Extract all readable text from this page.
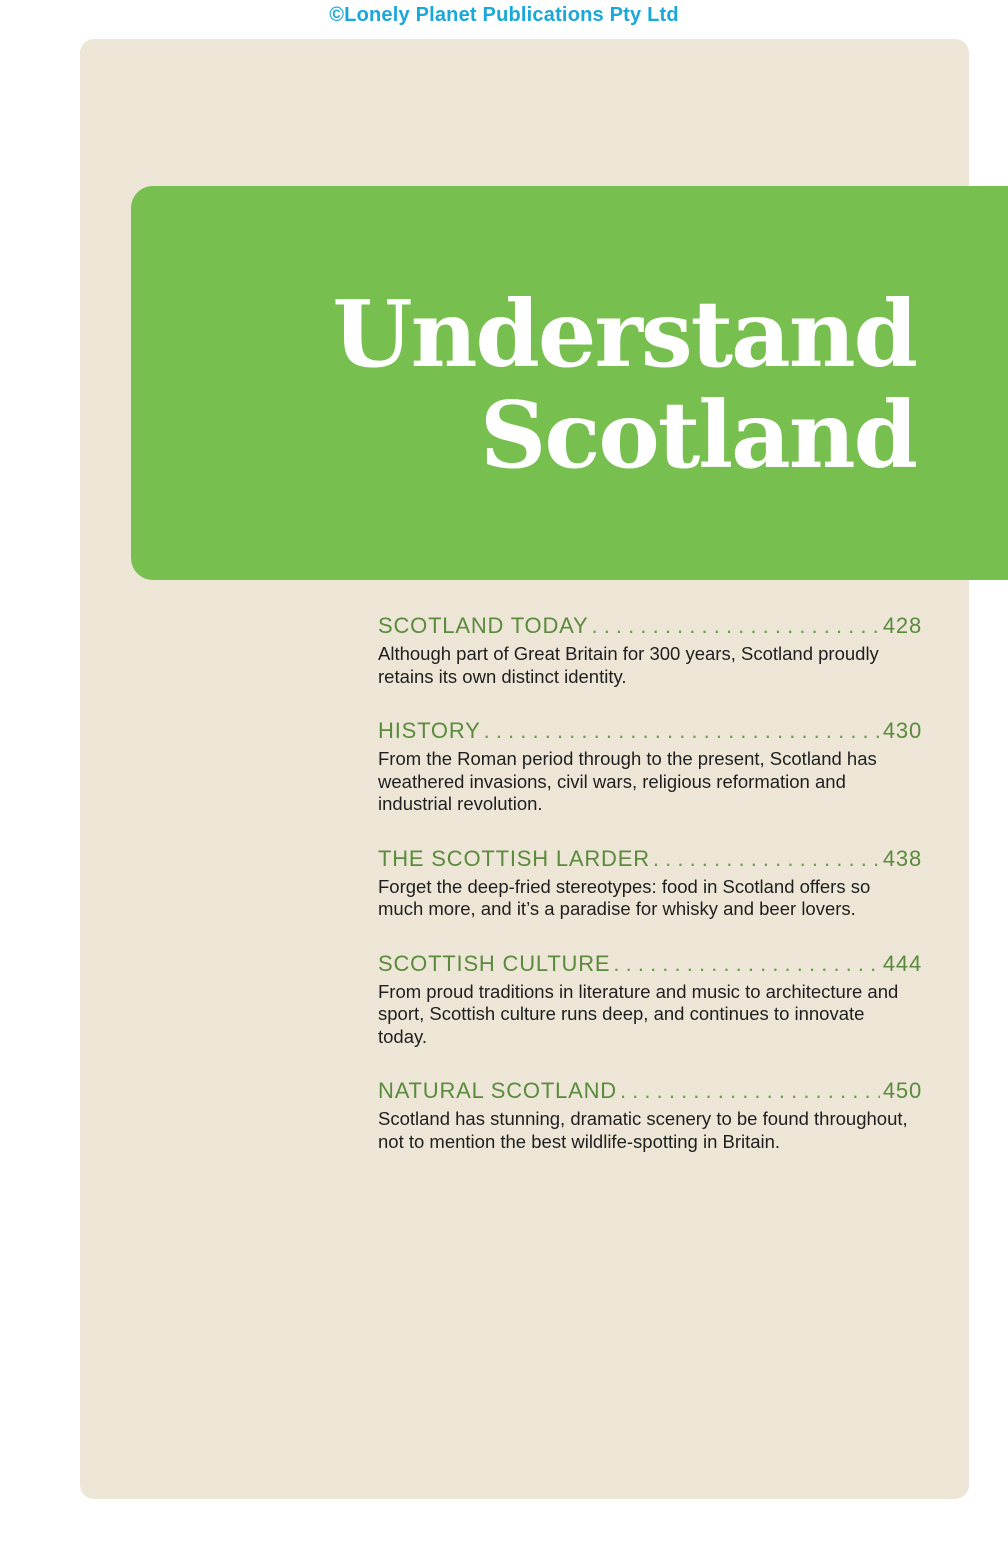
©Lonely Planet Publications Pty Ltd
Understand
Scotland
SCOTLAND TODAY . . .	428
Although part of Great Britain for 300 years, Scotland proudly retains its own distinct identity.
HISTORY . . .	430
From the Roman period through to the present, Scotland has weathered invasions, civil wars, religious reformation and industrial revolution.
THE SCOTTISH LARDER . . .	438
Forget the deep-fried stereotypes: food in Scotland offers so much more, and it’s a paradise for whisky and beer lovers.
SCOTTISH CULTURE . . .	444
From proud traditions in literature and music to architecture and sport, Scottish culture runs deep, and continues to innovate today.
NATURAL SCOTLAND . . .	450
Scotland has stunning, dramatic scenery to be found throughout, not to mention the best wildlife-spotting in Britain.
